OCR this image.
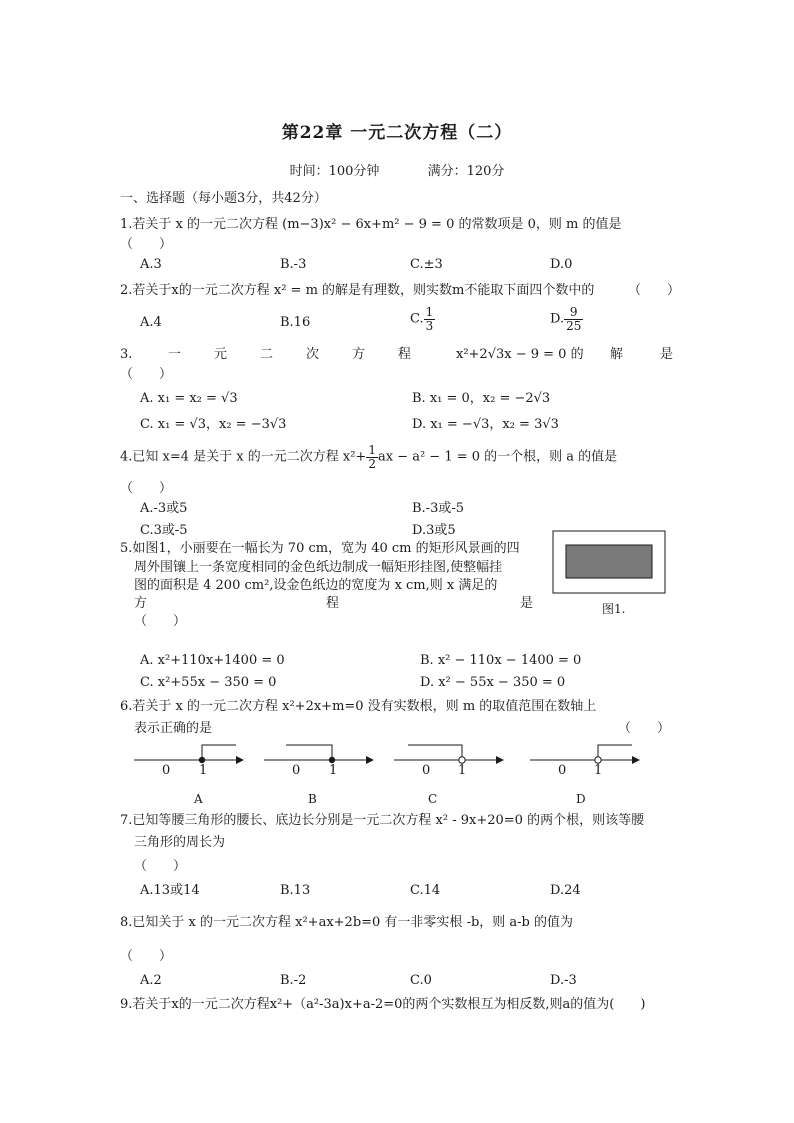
第22章 一元二次方程（二）
时间：100分钟	满分：120分
一、选择题（每小题3分，共42分）
1.若关于 x 的一元二次方程 (m−3)x² − 6x+m² − 9 = 0 的常数项是 0，则 m 的值是
（　　）
A.3	B.-3	C.±3	D.0
2.若关于x的一元二次方程 x² = m 的解是有理数，则实数m不能取下面四个数中的	（　　）
A.4	B.16	C. $\frac{1}{3}$	D. $\frac{9}{25}$
3.	一	元	二	次	方	程	x²+2√3x − 9 = 0 的 解	是
（　　）
A. x₁ = x₂ = √3	B. x₁ = 0，x₂ = −2√3
C. x₁ = √3，x₂ = −3√3	D. x₁ = −√3，x₂ = 3√3
4.已知 x=4 是关于 x 的一元二次方程 $x^2+ \frac{1}{2}$ ax − a² − 1 = 0 的一个根，则 a 的值是
（　　）
A.-3或5	B.-3或-5
C.3或-5	D.3或5
5.如图1，小丽要在一幅长为 70 cm，宽为 40 cm 的矩形风景画的四
周外围镶上一条宽度相同的金色纸边制成一幅矩形挂图,使整幅挂
图的面积是 4 200 cm²,设金色纸边的宽度为 x cm,则 x 满足的
方	程	是
（　　）
图1.
A. x²+110x+1400 = 0	B. x² − 110x − 1400 = 0
C. x²+55x − 350 = 0	D. x² − 55x − 350 = 0
6.若关于 x 的一元二次方程 x²+2x+m=0 没有实数根，则 m 的取值范围在数轴上
表示正确的是	（　　）
0 1
A
0 1
B
0 1
C
0 1
D
7.已知等腰三角形的腰长、底边长分别是一元二次方程 x² - 9x+20=0 的两个根，则该等腰
三角形的周长为
（　　）
A.13或14	B.13	C.14	D.24
8.已知关于 x 的一元二次方程 x²+ax+2b=0 有一非零实根 -b，则 a-b 的值为
（　　）
A.2	B.-2	C.0	D.-3
9.若关于x的一元二次方程x²+（a²-3a)x+a-2=0的两个实数根互为相反数,则a的值为(　　)
